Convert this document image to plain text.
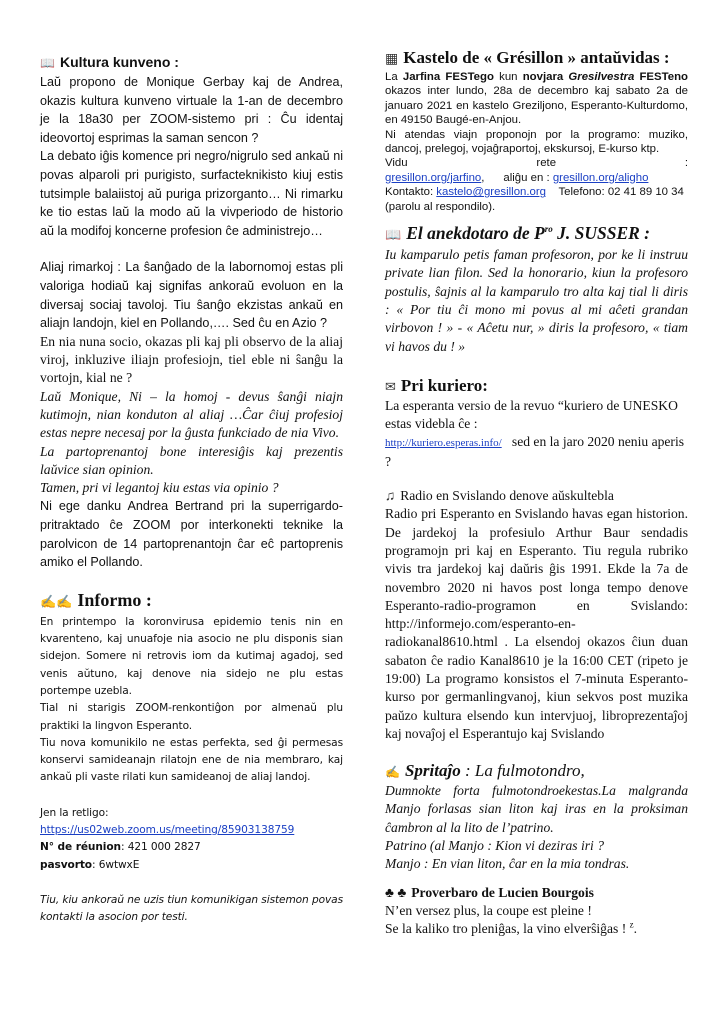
📖 Kultura kunveno :

Laŭ propono de Monique Gerbay kaj de Andrea, okazis kultura kunveno virtuale la 1-an de decembro je la 18a30 per ZOOM-sistemo pri : Ĉu identaj ideovortoj esprimas la saman sencon ?

La debato iĝis komence pri negro/nigrulo sed ankaŭ ni povas alparoli pri purigisto, surfacteknikisto kiuj estis tutsimple balaiistoj aŭ puriga prizorganto… Ni rimarku ke tio estas laŭ la modo aŭ la vivperiodo de historio aŭ la modifoj koncerne profesion ĉe administrejo…

Aliaj rimarkoj : La ŝanĝado de la labornomoj estas pli valoriga hodiaŭ kaj signifas ankoraŭ evoluon en la diversaj sociaj tavoloj. Tiu ŝanĝo ekzistas ankaŭ en aliajn landojn, kiel en Pollando,…. Sed ĉu en Azio ?

En nia nuna socio, okazas pli kaj pli observo de la aliaj viroj, inkluzive iliajn profesiojn, tiel eble ni ŝanĝu la vortojn, kial ne ?

Laŭ Monique, Ni – la homoj - devus ŝanĝi niajn kutimojn, nian konduton al aliaj …Ĉar ĉiuj profesioj estas nepre necesaj por la ĝusta funkciado de nia Vivo.

La partoprenantoj bone interesiĝis kaj prezentis laŭvice sian opinion.

Tamen, pri vi legantoj kiu estas via opinio ?

Ni ege danku Andrea Bertrand pri la superrigardo-pritraktado ĉe ZOOM por interkonekti teknike la parolvicon de 14 partoprenantojn ĉar eĉ partoprenis amiko el Pollando.

✍✍ Informo :

En printempo la koronvirusa epidemio tenis nin en kvarenteno, kaj unuafoje nia asocio ne plu disponis sian sidejon. Somere ni retrovis iom da kutimaj agadoj, sed venis aŭtuno, kaj denove nia sidejo ne plu estas portempe uzebla.

Tial ni starigis ZOOM-renkontiĝon por almenaŭ plu praktiki la lingvon Esperanto.

Tiu nova komunikilo ne estas perfekta, sed ĝi permesas konservi samideanajn rilatojn ene de nia membraro, kaj ankaŭ pli vaste rilati kun samideanoj de aliaj landoj.

Jen la retligo:

https://us02web.zoom.us/meeting/85903138759

N° de réunion: 421 000 2827

pasvorto: 6wtwxE

Tiu, kiu ankoraŭ ne uzis tiun komunikigan sistemon povas kontakti la asocion por testi.

▦ Kastelo de « Grésillon » antaŭvidas :

La Jarfina FESTego kun novjara Gresilvestra FESTeno okazos inter lundo, 28a de decembro kaj sabato 2a de januaro 2021 en kastelo Greziljono, Esperanto-Kulturdomo, en 49150 Baugé-en-Anjou.

Ni atendas viajn proponojn por la programo: muziko, dancoj, prelegoj, vojaĝraportoj, ekskursoj, E-kurso ktp.

Vidu rete : gresillon.org/jarfino,      aliĝu en : gresillon.org/aligho

Kontakto: kastelo@gresillon.org    Telefono: 02 41 89 10 34 (parolu al respondilo).

📖 El anekdotaro de $P^{ro}$ J. SUSSER :

Iu kamparulo petis faman profesoron, por ke li instruu private lian filon. Sed la honorario, kiun la profesoro postulis, ŝajnis al la kamparulo tro alta kaj tial li diris : « Por tiu ĉi mono mi povus al mi aĉeti grandan virbovon ! » - « Aĉetu nur, » diris la profesoro, « tiam vi havos du ! »

✉ Pri kuriero:

La esperanta versio de la revuo “kuriero de UNESKO estas videbla ĉe :

http://kuriero.esperas.info/   sed en la jaro 2020 neniu aperis ?

♫ Radio en Svislando denove aŭskultebla

Radio pri Esperanto en Svislando havas egan historion. De jardekoj la profesiulo Arthur Baur sendadis programojn pri kaj en Esperanto. Tiu regula rubriko vivis tra jardekoj kaj daŭris ĝis 1991. Ekde la 7a de novembro 2020 ni havos post longa tempo denove Esperanto-radio-programon en Svislando: http://informejo.com/esperanto-en-radiokanal8610.html . La elsendoj okazos ĉiun duan sabaton ĉe radio Kanal8610 je la 16:00 CET (ripeto je 19:00) La programo konsistos el 7-minuta Esperanto-kurso por germanlingvanoj, kiun sekvos post muzika paŭzo kultura elsendo kun intervjuoj, libroprezentaĵoj kaj novaĵoj el Esperantujo kaj Svislando

✍ Spritaĵo : La fulmotondro,

Dumnokte forta fulmotondroekestas.La malgranda Manjo forlasas sian liton kaj iras en la proksiman ĉambron al la lito de l’patrino.

Patrino (al Manjo : Kion vi deziras iri ?

Manjo : En vian liton, ĉar en la mia tondras.

♣ ♣ Proverbaro de Lucien Bourgois

N’en versez plus, la coupe est pleine !

Se la kaliko tro pleniĝas, la vino elverŝiĝas ! $^z$.
